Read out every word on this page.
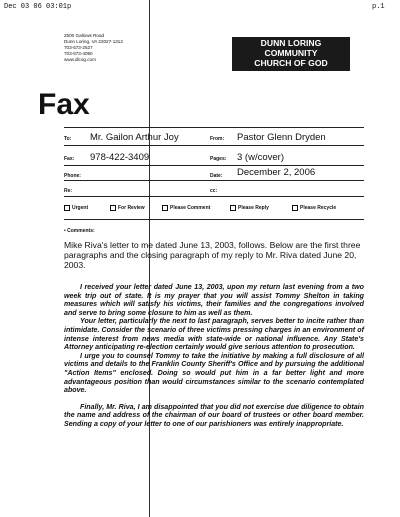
Dec 03 06 03:01p	p.1
2500 Gallows Road
Dunn Loring, VA 22027-1312
703-573-2527
703-573-4090
www.dlcog.com
DUNN LORING
COMMUNITY
CHURCH OF GOD
Fax
To: Mr. Gailon Arthur Joy	From: Pastor Glenn Dryden
Fax: 978-422-3409	Pages: 3 (w/cover)
Phone:	Date: December 2, 2006
Re:	cc:
Urgent	For Review	Please Comment	Please Reply	Please Recycle
• Comments:
Mike Riva's letter to me dated June 13, 2003, follows. Below are the first three paragraphs and the closing paragraph of my reply to Mr. Riva dated June 20, 2003.

I received your letter dated June 13, 2003, upon my return last evening from a two week trip out of state. It is my prayer that you will assist Tommy Shelton in taking measures which will satisfy his victims, their families and the congregations involved and serve to bring some closure to him as well as them.

Your letter, particularly the next to last paragraph, serves better to incite rather than intimidate. Consider the scenario of three victims pressing charges in an environment of intense interest from news media with state-wide or national influence. Any State's Attorney anticipating re-election certainly would give serious attention to prosecution.

I urge you to counsel Tommy to take the initiative by making a full disclosure of all victims and details to the Franklin County Sheriff's Office and by pursuing the additional "Action Items" enclosed. Doing so would put him in a far better light and more advantageous position than would circumstances similar to the scenario contemplated above.

Finally, Mr. Riva, I am disappointed that you did not exercise due diligence to obtain the name and address of the chairman of our board of trustees or other board member. Sending a copy of your letter to one of our parishioners was entirely inappropriate.
